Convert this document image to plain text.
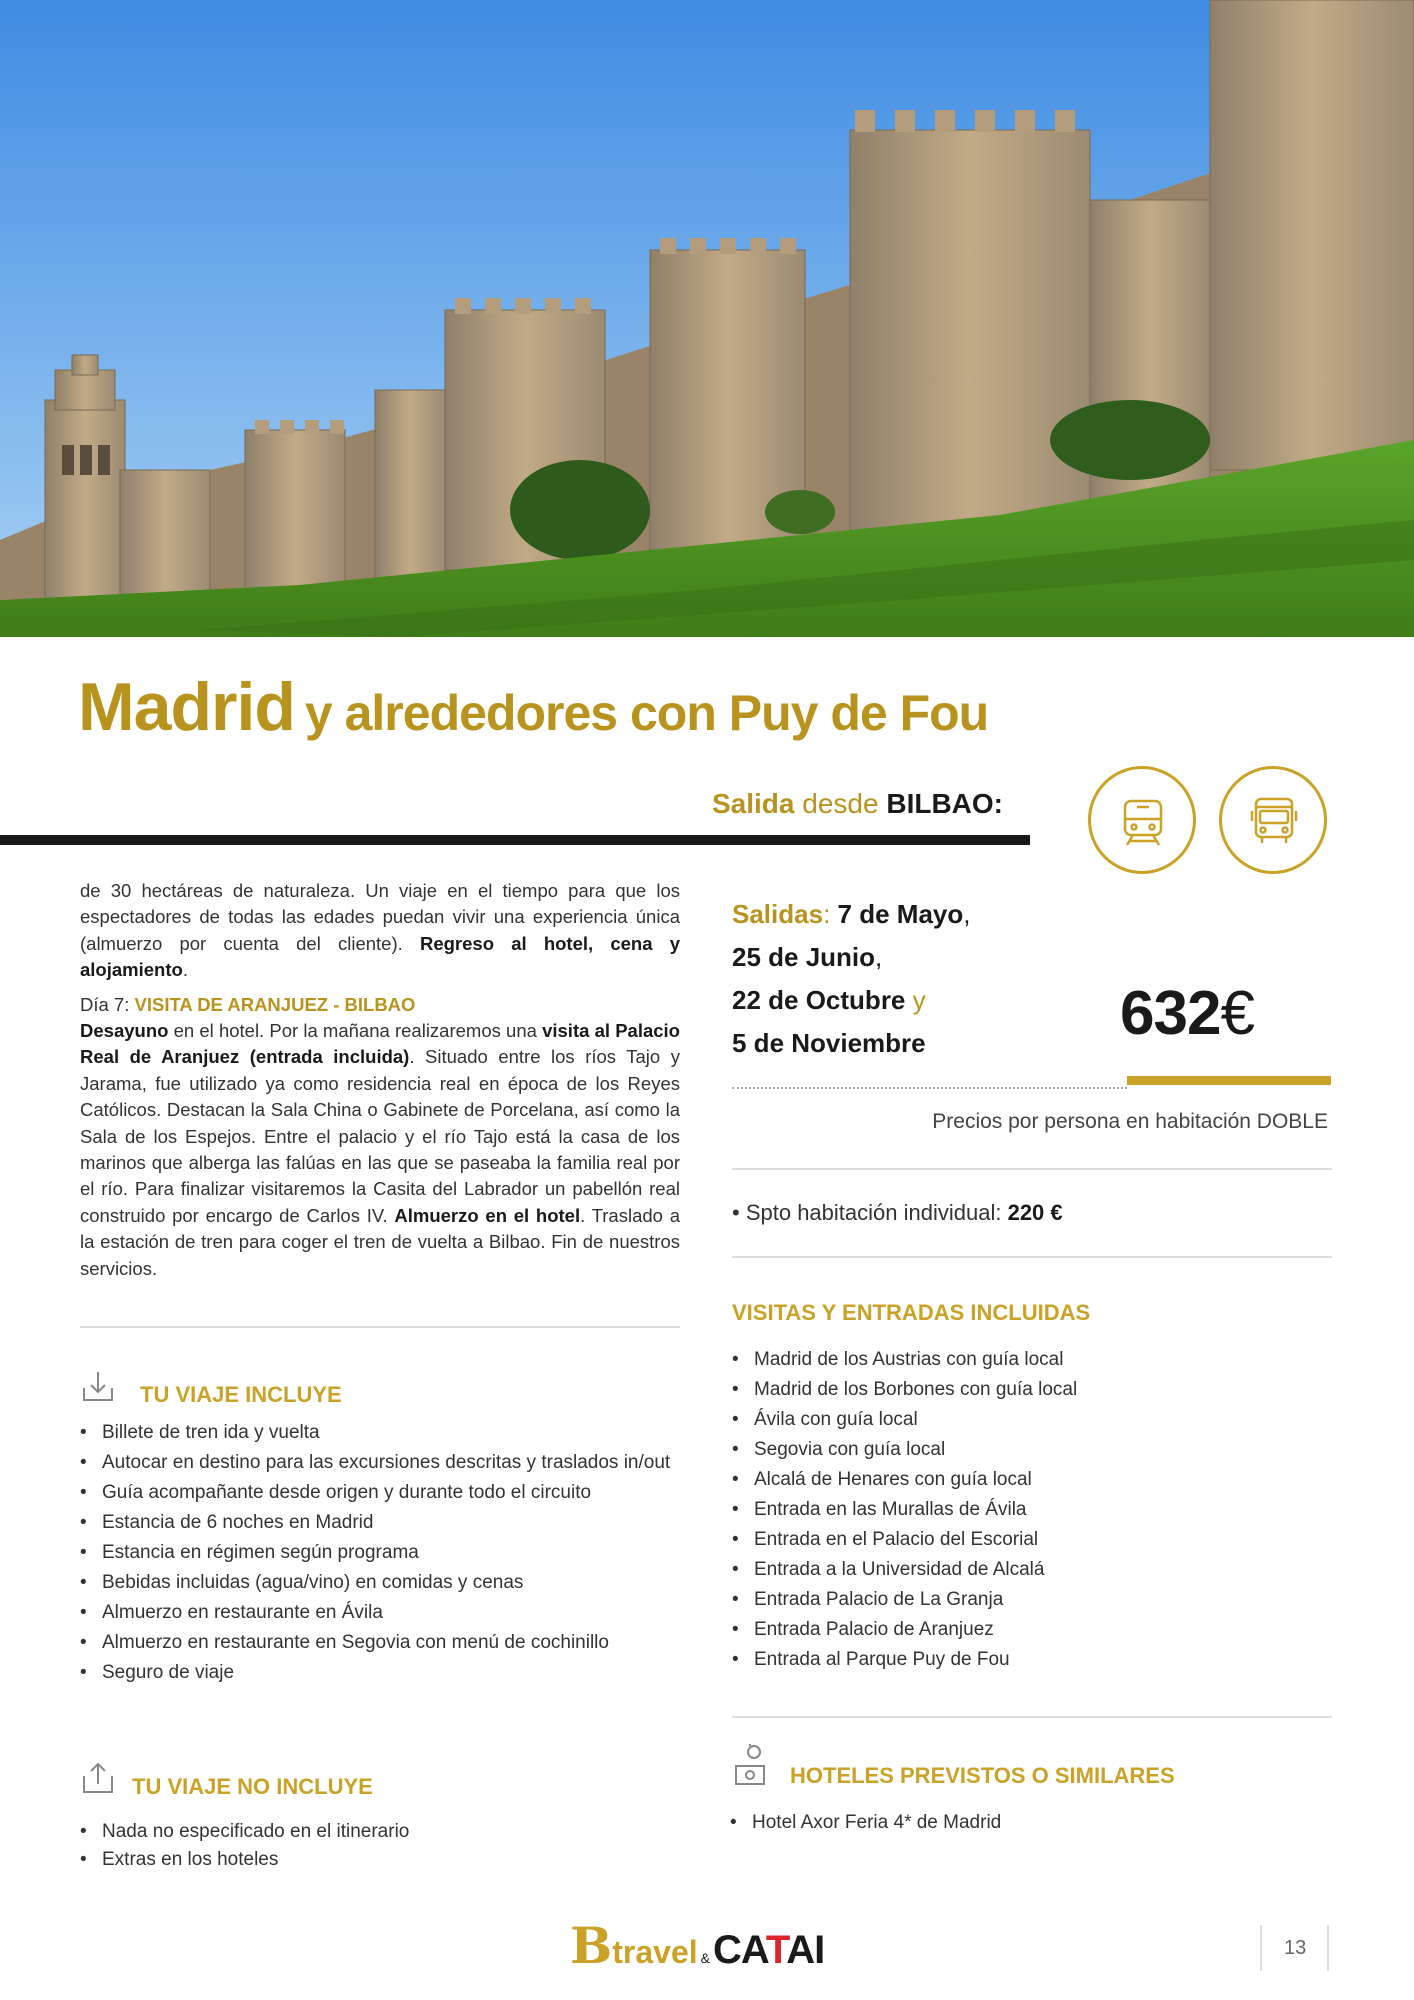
Madrid y alrededores con Puy de Fou
Salida desde BILBAO:

de 30 hectáreas de naturaleza. Un viaje en el tiempo para que los espectadores de todas las edades puedan vivir una experiencia única (almuerzo por cuenta del cliente). Regreso al hotel, cena y alojamiento.

Día 7: VISITA DE ARANJUEZ - BILBAO

Desayuno en el hotel. Por la mañana realizaremos una visita al Palacio Real de Aranjuez (entrada incluida). Situado entre los ríos Tajo y Jarama, fue utilizado ya como residencia real en época de los Reyes Católicos. Destacan la Sala China o Gabinete de Porcelana, así como la Sala de los Espejos. Entre el palacio y el río Tajo está la casa de los marinos que alberga las falúas en las que se paseaba la familia real por el río. Para finalizar visitaremos la Casita del Labrador un pabellón real construido por encargo de Carlos IV. Almuerzo en el hotel. Traslado a la estación de tren para coger el tren de vuelta a Bilbao. Fin de nuestros servicios.

TU VIAJE INCLUYE
• Billete de tren ida y vuelta
• Autocar en destino para las excursiones descritas y traslados in/out
• Guía acompañante desde origen y durante todo el circuito
• Estancia de 6 noches en Madrid
• Estancia en régimen según programa
• Bebidas incluidas (agua/vino) en comidas y cenas
• Almuerzo en restaurante en Ávila
• Almuerzo en restaurante en Segovia con menú de cochinillo
• Seguro de viaje
TU VIAJE NO INCLUYE
• Nada no especificado en el itinerario
• Extras en los hoteles
Salidas: 7 de Mayo,
25 de Junio,
22 de Octubre y
5 de Noviembre	632€
Precios por persona en habitación DOBLE
• Spto habitación individual: 220 €
VISITAS Y ENTRADAS INCLUIDAS
• Madrid de los Austrias con guía local
• Madrid de los Borbones con guía local
• Ávila con guía local
• Segovia con guía local
• Alcalá de Henares con guía local
• Entrada en las Murallas de Ávila
• Entrada en el Palacio del Escorial
• Entrada a la Universidad de Alcalá
• Entrada Palacio de La Granja
• Entrada Palacio de Aranjuez
• Entrada al Parque Puy de Fou
HOTELES PREVISTOS O SIMILARES
• Hotel Axor Feria 4* de Madrid
Btravel &CATAI	13
